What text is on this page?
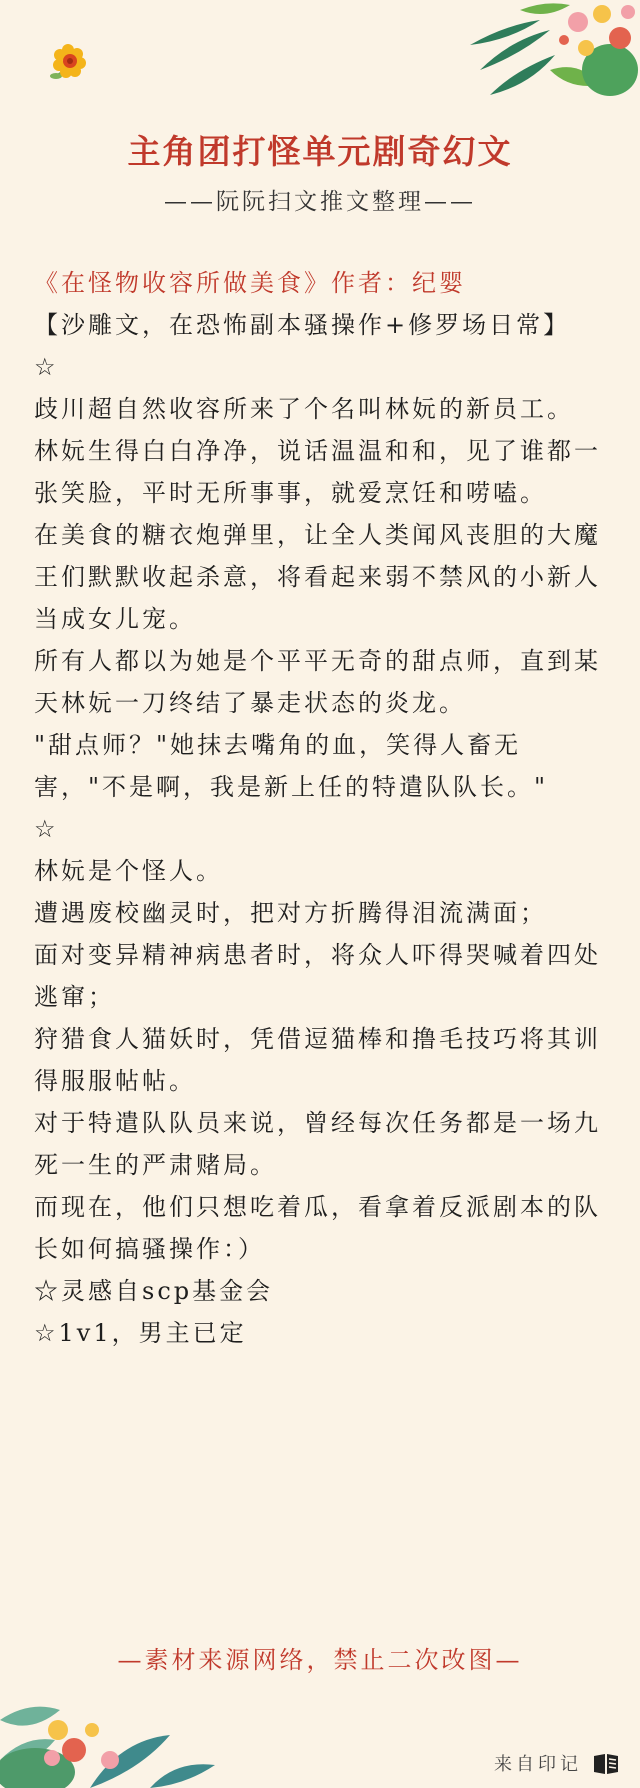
主角团打怪单元剧奇幻文
——阮阮扫文推文整理——

《在怪物收容所做美食》作者：纪婴

【沙雕文，在恐怖副本骚操作+修罗场日常】

☆

歧川超自然收容所来了个名叫林妧的新员工。

林妧生得白白净净，说话温温和和，见了谁都一张笑脸，平时无所事事，就爱烹饪和唠嗑。

在美食的糖衣炮弹里，让全人类闻风丧胆的大魔王们默默收起杀意，将看起来弱不禁风的小新人当成女儿宠。

所有人都以为她是个平平无奇的甜点师，直到某天林妧一刀终结了暴走状态的炎龙。

"甜点师？"她抹去嘴角的血，笑得人畜无害，"不是啊，我是新上任的特遣队队长。"

☆

林妧是个怪人。

遭遇废校幽灵时，把对方折腾得泪流满面；

面对变异精神病患者时，将众人吓得哭喊着四处逃窜；

狩猎食人猫妖时，凭借逗猫棒和撸毛技巧将其训得服服帖帖。

对于特遣队队员来说，曾经每次任务都是一场九死一生的严肃赌局。

而现在，他们只想吃着瓜，看拿着反派剧本的队长如何搞骚操作：）

☆灵感自scp基金会

☆1v1，男主已定

—素材来源网络，禁止二次改图—
来自印记
